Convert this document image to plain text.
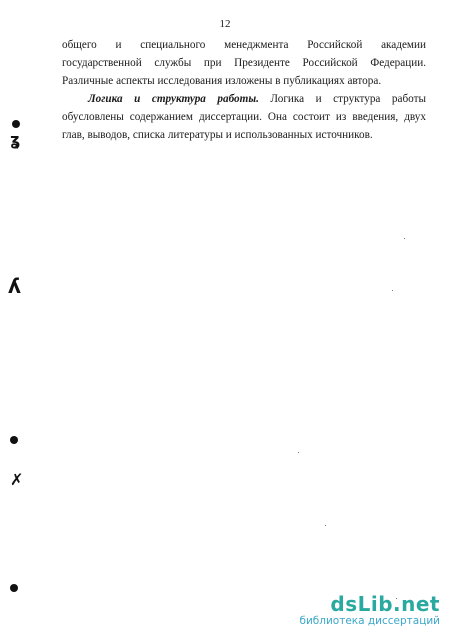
12
общего и специального менеджмента Российской академии государственной службы при Президенте Российской Федерации. Различные аспекты исследования изложены в публикациях автора.
Логика и структура работы. Логика и структура работы обусловлены содержанием диссертации. Она состоит из введения, двух глав, выводов, списка литературы и использованных источников.
ʓ
ʎ
✗
dsLib.net
библиотека диссертаций
